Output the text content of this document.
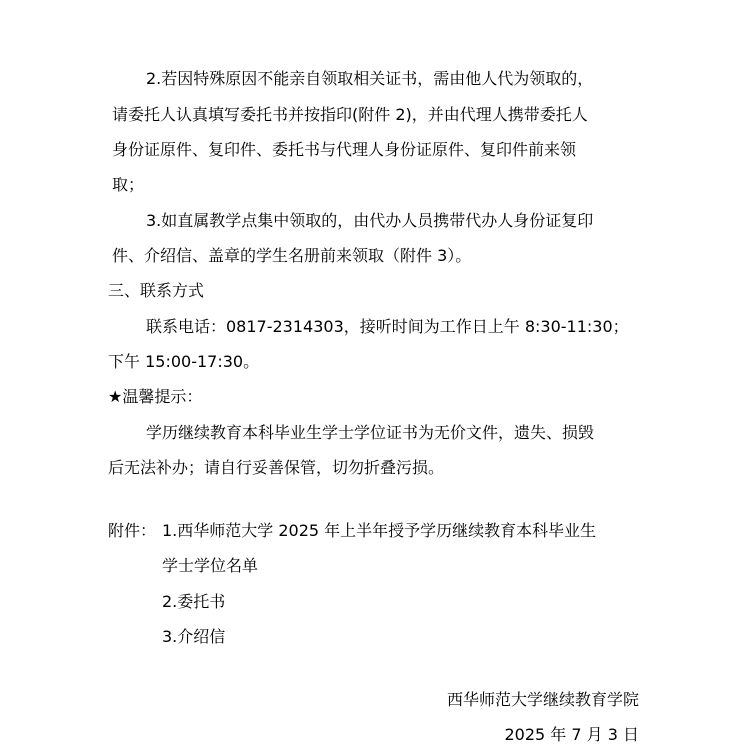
2.若因特殊原因不能亲自领取相关证书，需由他人代为领取的，
请委托人认真填写委托书并按指印(附件 2)，并由代理人携带委托人
身份证原件、复印件、委托书与代理人身份证原件、复印件前来领
取；
3.如直属教学点集中领取的，由代办人员携带代办人身份证复印
件、介绍信、盖章的学生名册前来领取（附件 3）。
三、联系方式
联系电话：0817-2314303，接听时间为工作日上午 8:30-11:30；
下午 15:00-17:30。
★温馨提示：
学历继续教育本科毕业生学士学位证书为无价文件，遗失、损毁
后无法补办；请自行妥善保管，切勿折叠污损。
附件： 1.西华师范大学 2025 年上半年授予学历继续教育本科毕业生
学士学位名单
2.委托书
3.介绍信
西华师范大学继续教育学院
2025 年 7 月 3 日
